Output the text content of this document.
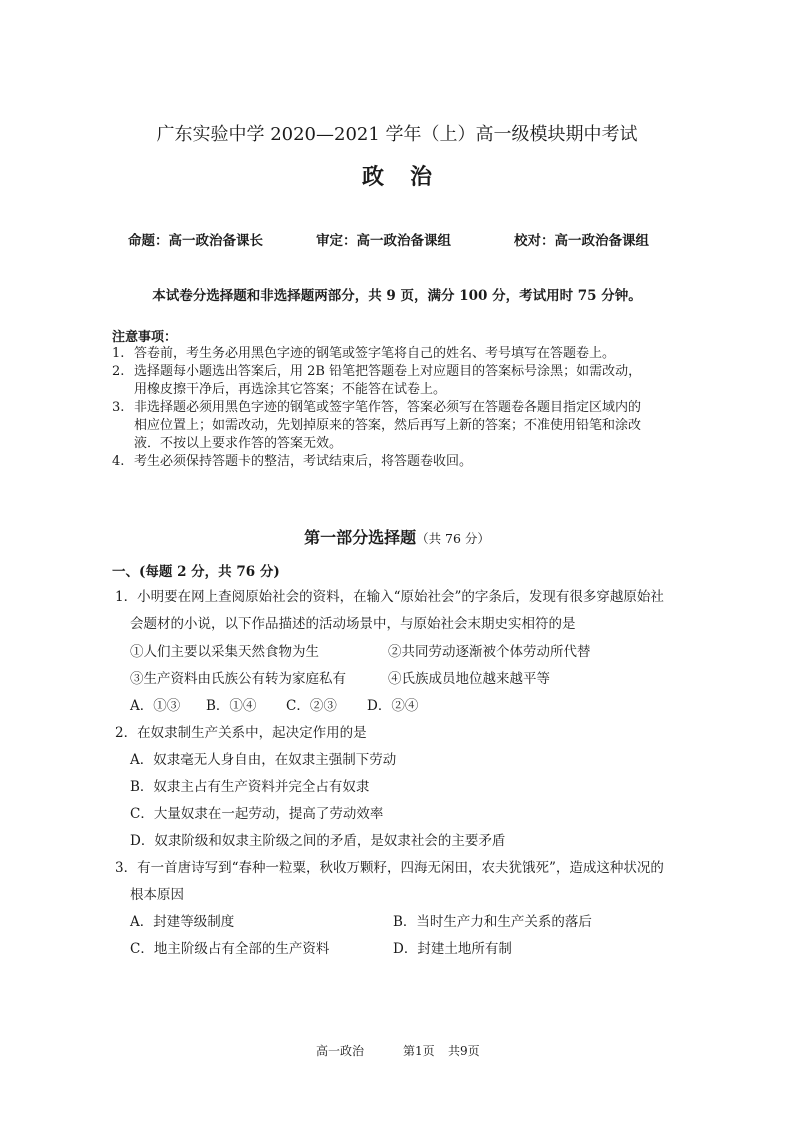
广东实验中学 2020—2021 学年（上）高一级模块期中考试
政治
命题：高一政治备课长	审定：高一政治备课组	校对：高一政治备课组
本试卷分选择题和非选择题两部分，共 9 页，满分 100 分，考试用时 75 分钟。
注意事项：
1. 答卷前，考生务必用黑色字迹的钢笔或签字笔将自己的姓名、考号填写在答题卷上。
2. 选择题每小题选出答案后，用 2B 铅笔把答题卷上对应题目的答案标号涂黑；如需改动，
用橡皮擦干净后，再选涂其它答案；不能答在试卷上。
3. 非选择题必须用黑色字迹的钢笔或签字笔作答，答案必须写在答题卷各题目指定区域内的
相应位置上；如需改动，先划掉原来的答案，然后再写上新的答案；不准使用铅笔和涂改
液．不按以上要求作答的答案无效。
4. 考生必须保持答题卡的整洁，考试结束后，将答题卷收回。
第一部分选择题（共 76 分）
一、(每题 2 分，共 76 分)
1．小明要在网上查阅原始社会的资料，在输入“原始社会”的字条后，发现有很多穿越原始社
会题材的小说，以下作品描述的活动场景中，与原始社会末期史实相符的是
①人们主要以采集天然食物为生	②共同劳动逐渐被个体劳动所代替
③生产资料由氏族公有转为家庭私有	④氏族成员地位越来越平等
A．①③ B．①④ C．②③ D．②④
2．在奴隶制生产关系中，起决定作用的是
A．奴隶毫无人身自由，在奴隶主强制下劳动
B．奴隶主占有生产资料并完全占有奴隶
C．大量奴隶在一起劳动，提高了劳动效率
D．奴隶阶级和奴隶主阶级之间的矛盾，是奴隶社会的主要矛盾
3．有一首唐诗写到“春种一粒粟，秋收万颗籽，四海无闲田，农夫犹饿死”，造成这种状况的
根本原因
A．封建等级制度	B．当时生产力和生产关系的落后
C．地主阶级占有全部的生产资料	D．封建土地所有制
高一政治	第1页 共9页
